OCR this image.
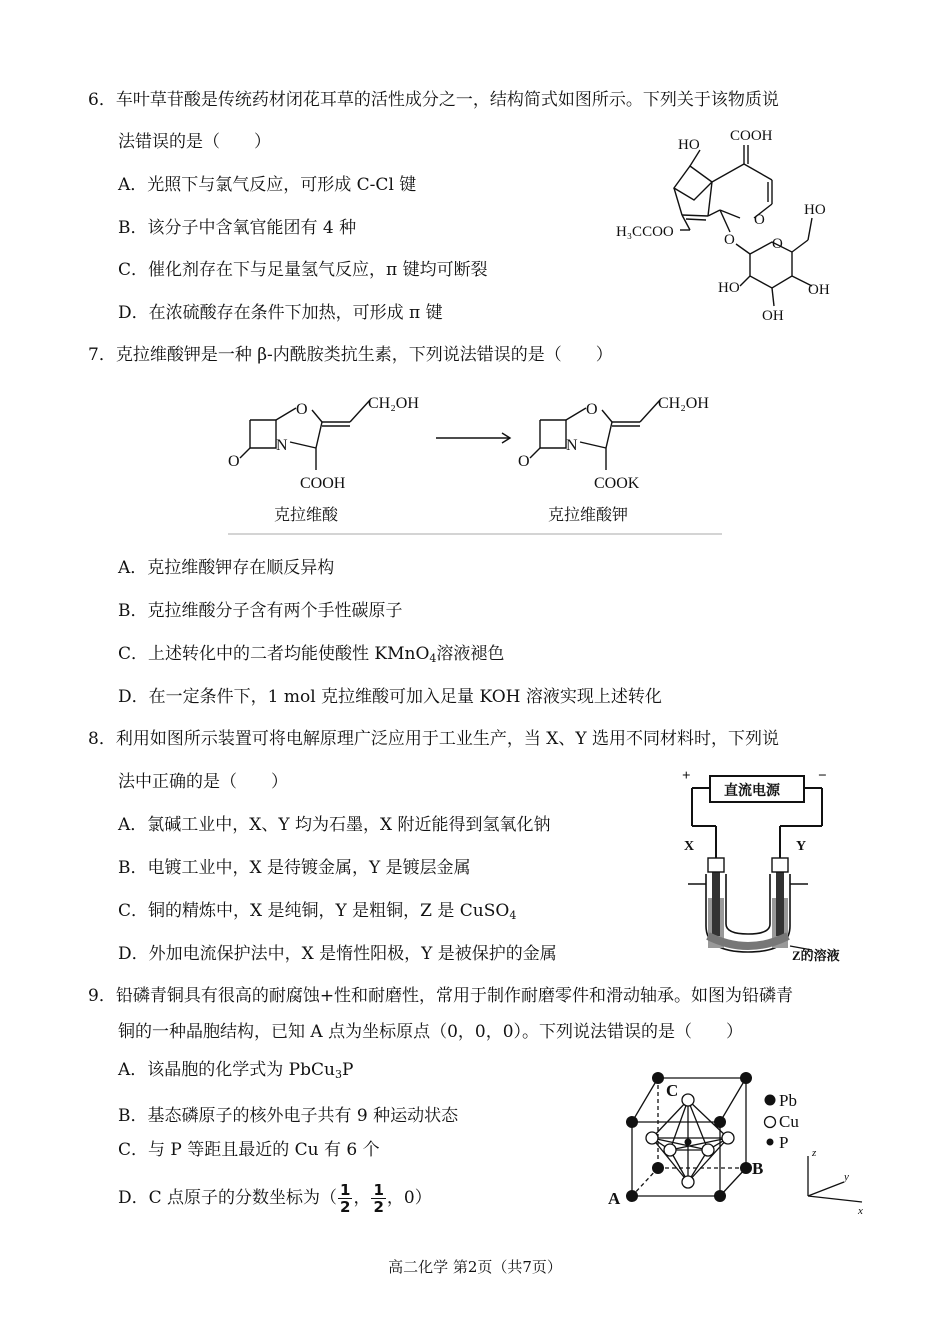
6．车叶草苷酸是传统药材闭花耳草的活性成分之一，结构简式如图所示。下列关于该物质说
法错误的是（　　）
A．光照下与氯气反应，可形成 C-Cl 键
B．该分子中含氧官能团有 4 种
C．催化剂存在下与足量氢气反应，π 键均可断裂
D．在浓硫酸存在条件下加热，可形成 π 键
COOH
HO
O
O O
H₃CCOO
HO
HO	OH
OH
7．克拉维酸钾是一种 β-内酰胺类抗生素，下列说法错误的是（　　）
O
N
O
CH₂OH
COOH
O
N
O
CH₂OH
COOK
克拉维酸	克拉维酸钾
A．克拉维酸钾存在顺反异构
B．克拉维酸分子含有两个手性碳原子
C．上述转化中的二者均能使酸性 KMnO$_4$溶液褪色
D．在一定条件下，1 mol 克拉维酸可加入足量 KOH 溶液实现上述转化
8．利用如图所示装置可将电解原理广泛应用于工业生产，当 X、Y 选用不同材料时，下列说
法中正确的是（　　）
A．氯碱工业中，X、Y 均为石墨，X 附近能得到氢氧化钠
B．电镀工业中，X 是待镀金属，Y 是镀层金属
C．铜的精炼中，X 是纯铜，Y 是粗铜，Z 是 CuSO$_4$
D．外加电流保护法中，X 是惰性阳极，Y 是被保护的金属
+	−
直流电源
X	Y
Z的溶液
9．铅磷青铜具有很高的耐腐蚀+性和耐磨性，常用于制作耐磨零件和滑动轴承。如图为铅磷青
铜的一种晶胞结构，已知 A 点为坐标原点（0，0，0）。下列说法错误的是（　　）
A．该晶胞的化学式为 PbCu$_3$P
B．基态磷原子的核外电子共有 9 种运动状态
C．与 P 等距且最近的 Cu 有 6 个
D．C 点原子的分数坐标为（ $\frac{1}{2}$ ， $\frac{1}{2}$ ，0）
Pb
Cu
P
A
B
C
z
y
x
高二化学 第2页（共7页）
